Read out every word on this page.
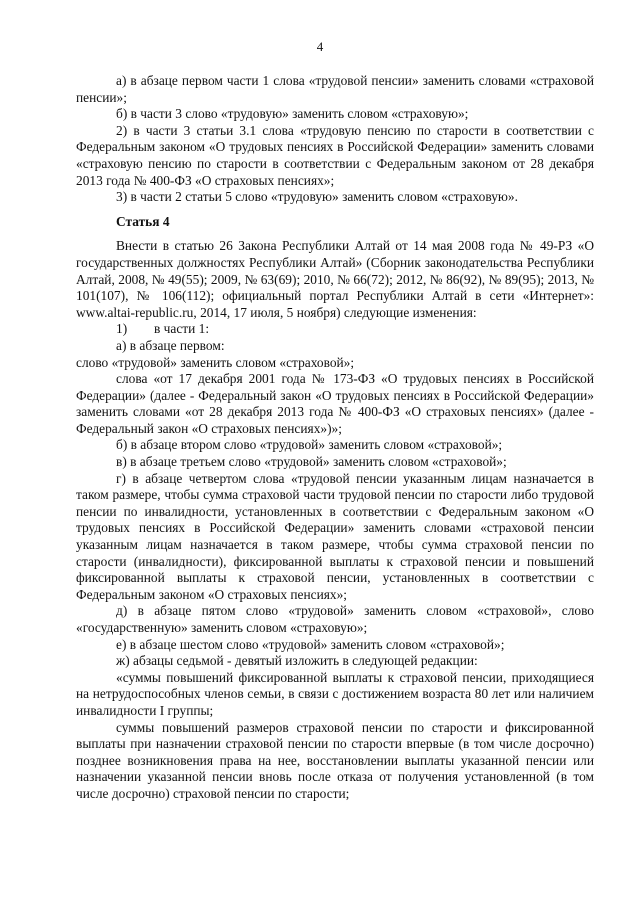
4

а) в абзаце первом части 1 слова «трудовой пенсии» заменить словами «страховой пенсии»;

б) в части 3 слово «трудовую» заменить словом «страховую»;

2) в части 3 статьи 3.1 слова «трудовую пенсию по старости в соответствии с Федеральным законом «О трудовых пенсиях в Российской Федерации» заменить словами «страховую пенсию по старости в соответствии с Федеральным законом от 28 декабря 2013 года № 400-ФЗ «О страховых пенсиях»;

3) в части 2 статьи 5 слово «трудовую» заменить словом «страховую».

Статья 4

Внести в статью 26 Закона Республики Алтай от 14 мая 2008 года № 49-РЗ «О государственных должностях Республики Алтай» (Сборник законодательства Республики Алтай, 2008, № 49(55); 2009, № 63(69); 2010, № 66(72); 2012, № 86(92), № 89(95); 2013, № 101(107), № 106(112); официальный портал Республики Алтай в сети «Интернет»: www.altai-republic.ru, 2014, 17 июля, 5 ноября) следующие изменения:

1) в части 1:

а) в абзаце первом:

слово «трудовой» заменить словом «страховой»;

слова «от 17 декабря 2001 года № 173-ФЗ «О трудовых пенсиях в Российской Федерации» (далее - Федеральный закон «О трудовых пенсиях в Российской Федерации» заменить словами «от 28 декабря 2013 года № 400-ФЗ «О страховых пенсиях» (далее - Федеральный закон «О страховых пенсиях»)»;

б) в абзаце втором слово «трудовой» заменить словом «страховой»;

в) в абзаце третьем слово «трудовой» заменить словом «страховой»;

г) в абзаце четвертом слова «трудовой пенсии указанным лицам назначается в таком размере, чтобы сумма страховой части трудовой пенсии по старости либо трудовой пенсии по инвалидности, установленных в соответствии с Федеральным законом «О трудовых пенсиях в Российской Федерации» заменить словами «страховой пенсии указанным лицам назначается в таком размере, чтобы сумма страховой пенсии по старости (инвалидности), фиксированной выплаты к страховой пенсии и повышений фиксированной выплаты к страховой пенсии, установленных в соответствии с Федеральным законом «О страховых пенсиях»;

д) в абзаце пятом слово «трудовой» заменить словом «страховой», слово «государственную» заменить словом «страховую»;

е) в абзаце шестом слово «трудовой» заменить словом «страховой»;

ж) абзацы седьмой - девятый изложить в следующей редакции:

«суммы повышений фиксированной выплаты к страховой пенсии, приходящиеся на нетрудоспособных членов семьи, в связи с достижением возраста 80 лет или наличием инвалидности I группы;

суммы повышений размеров страховой пенсии по старости и фиксированной выплаты при назначении страховой пенсии по старости впервые (в том числе досрочно) позднее возникновения права на нее, восстановлении выплаты указанной пенсии или назначении указанной пенсии вновь после отказа от получения установленной (в том числе досрочно) страховой пенсии по старости;
